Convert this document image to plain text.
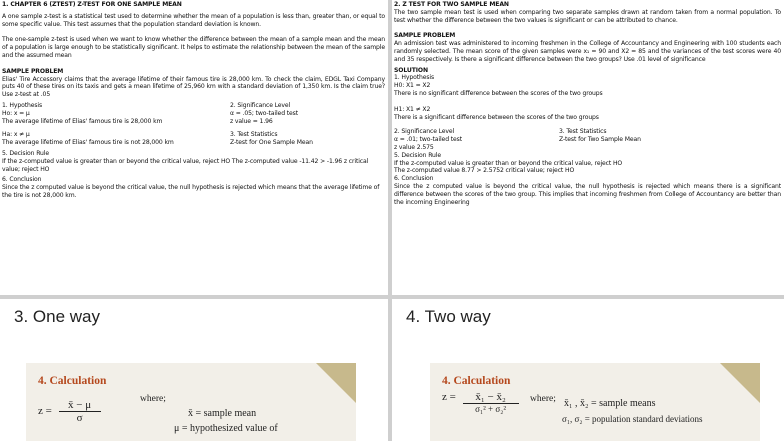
1. CHAPTER 6 (ZTEST) Z-TEST FOR ONE SAMPLE MEAN

A one sample z-test is a statistical test used to determine whether the mean of a population is less than, greater than, or equal to some specific value. This test assumes that the population standard deviation is known.

The one-sample z-test is used when we want to know whether the difference between the mean of a sample mean and the mean of a population is large enough to be statistically significant. It helps to estimate the relationship between the mean of the sample and the assumed mean

SAMPLE PROBLEM

Elias' Tire Accessory claims that the average lifetime of their famous tire is 28,000 km. To check the claim, EDGL Taxi Company puts 40 of these tires on its taxis and gets a mean lifetime of 25,960 km with a standard deviation of 1,350 km. Is the claim true? Use z-test at .05

1. Hypothesis

Ho: x = μ

The average lifetime of Elias' famous tire is 28,000 km

2. Significance Level

α = .05; two-tailed test

z value = 1.96

Ha: x ≠ μ

The average lifetime of Elias' famous tire is not 28,000 km

3. Test Statistics

Z-test for One Sample Mean

5. Decision Rule

If the z-computed value is greater than or beyond the critical value, reject HO The z-computed value -11.42 > -1.96 z critical value; reject HO

6. Conclusion

Since the z computed value is beyond the critical value, the null hypothesis is rejected which means that the average lifetime of the tire is not 28,000 km.

2. Z TEST FOR TWO SAMPLE MEAN

The two sample mean test is used when comparing two separate samples drawn at random taken from a normal population. To test whether the difference between the two values is significant or can be attributed to chance.

SAMPLE PROBLEM

An admission test was administered to incoming freshmen in the College of Accountancy and Engineering with 100 students each randomly selected. The mean score of the given samples were x₁ = 90 and X2 = 85 and the variances of the test scores were 40 and 35 respectively. Is there a significant difference between the two groups? Use .01 level of significance

SOLUTION

1. Hypothesis

H0: X1 = X2

There is no significant difference between the scores of the two groups

H1: X1 ≠ X2

There is a significant difference between the scores of the two groups

2. Significance Level

α = .01; two-tailed test

z value 2.575

3. Test Statistics

Z-test for Two Sample Mean

5. Decision Rule

If the z-computed value is greater than or beyond the critical value, reject HO

The z-computed value 8.77 > 2.5752 critical value; reject HO

6. Conclusion

Since the z computed value is beyond the critical value, the null hypothesis is rejected which means there is a significant difference between the scores of the two group. This implies that incoming freshmen from College of Accountancy are better than the incoming Engineering

3. One way
4. Calculation
$z = \frac{x̄ - \mu}{\sigma}$	where;
x̄ = sample mean
μ = hypothesized value of
4. Two way
4. Calculation
z =	x̄₁ − x̄₂
σ₁² + σ₂²
where; x̄₁ , x̄₂ = sample means
σ₁, σ₂ = population standard deviations
